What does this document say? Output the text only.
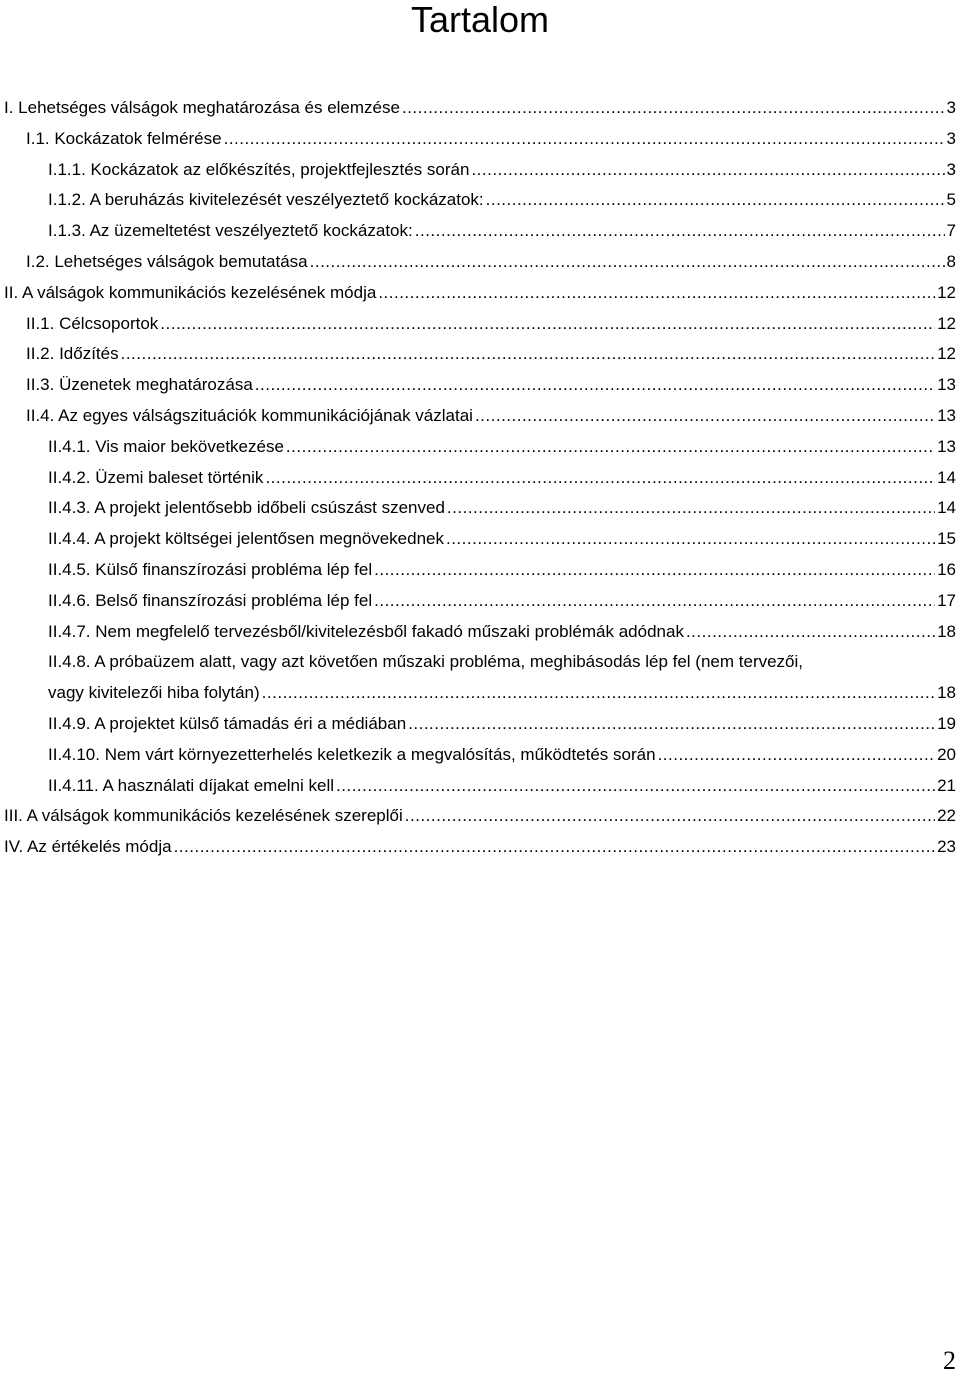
Tartalom
I. Lehetséges válságok meghatározása és elemzése .....	3
I.1. Kockázatok felmérése .....	3
I.1.1. Kockázatok az előkészítés, projektfejlesztés során .....	3
I.1.2. A beruházás kivitelezését veszélyeztető kockázatok: .....	5
I.1.3. Az üzemeltetést veszélyeztető kockázatok: .....	7
I.2. Lehetséges válságok bemutatása .....	8
II. A válságok kommunikációs kezelésének módja .....	12
II.1. Célcsoportok .....	12
II.2. Időzítés .....	12
II.3. Üzenetek meghatározása .....	13
II.4. Az egyes válságszituációk kommunikációjának vázlatai .....	13
II.4.1. Vis maior bekövetkezése .....	13
II.4.2. Üzemi baleset történik .....	14
II.4.3. A projekt jelentősebb időbeli csúszást szenved .....	14
II.4.4. A projekt költségei jelentősen megnövekednek .....	15
II.4.5. Külső finanszírozási probléma lép fel .....	16
II.4.6. Belső finanszírozási probléma lép fel .....	17
II.4.7. Nem megfelelő tervezésből/kivitelezésből fakadó műszaki problémák adódnak .....	18
II.4.8. A próbaüzem alatt, vagy azt követően műszaki probléma, meghibásodás lép fel (nem tervezői,
vagy kivitelezői hiba folytán) .....	18
II.4.9. A projektet külső támadás éri a médiában .....	19
II.4.10. Nem várt környezetterhelés keletkezik a megvalósítás, működtetés során .....	20
II.4.11. A használati díjakat emelni kell .....	21
III. A válságok kommunikációs kezelésének szereplői .....	22
IV. Az értékelés módja .....	23
2
